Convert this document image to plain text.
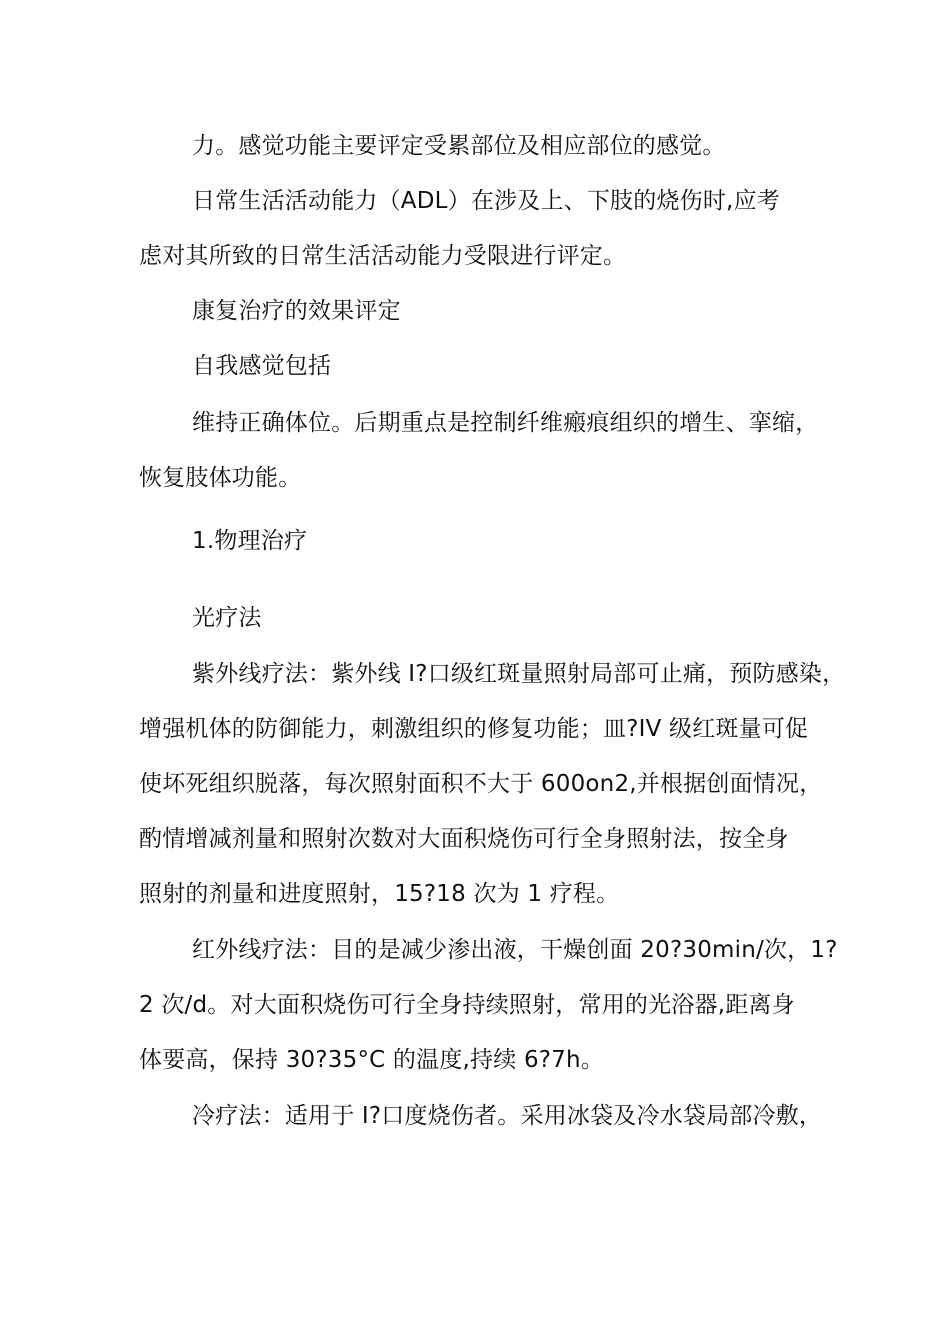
力。感觉功能主要评定受累部位及相应部位的感觉。
日常生活活动能力（ADL）在涉及上、下肢的烧伤时,应考
虑对其所致的日常生活活动能力受限进行评定。
康复治疗的效果评定
自我感觉包括
维持正确体位。后期重点是控制纤维瘢痕组织的增生、挛缩，
恢复肢体功能。
1.物理治疗
光疗法
紫外线疗法：紫外线 I?口级红斑量照射局部可止痛，预防感染，
增强机体的防御能力，刺激组织的修复功能；皿?IV 级红斑量可促
使坏死组织脱落，每次照射面积不大于 600on2,并根据创面情况，
酌情增减剂量和照射次数对大面积烧伤可行全身照射法，按全身
照射的剂量和进度照射，15?18 次为 1 疗程。
红外线疗法：目的是减少渗出液，干燥创面 20?30min/次，1?
2 次/d。对大面积烧伤可行全身持续照射，常用的光浴器,距离身
体要高，保持 30?35°C 的温度,持续 6?7h。
冷疗法：适用于 I?口度烧伤者。采用冰袋及冷水袋局部冷敷，
